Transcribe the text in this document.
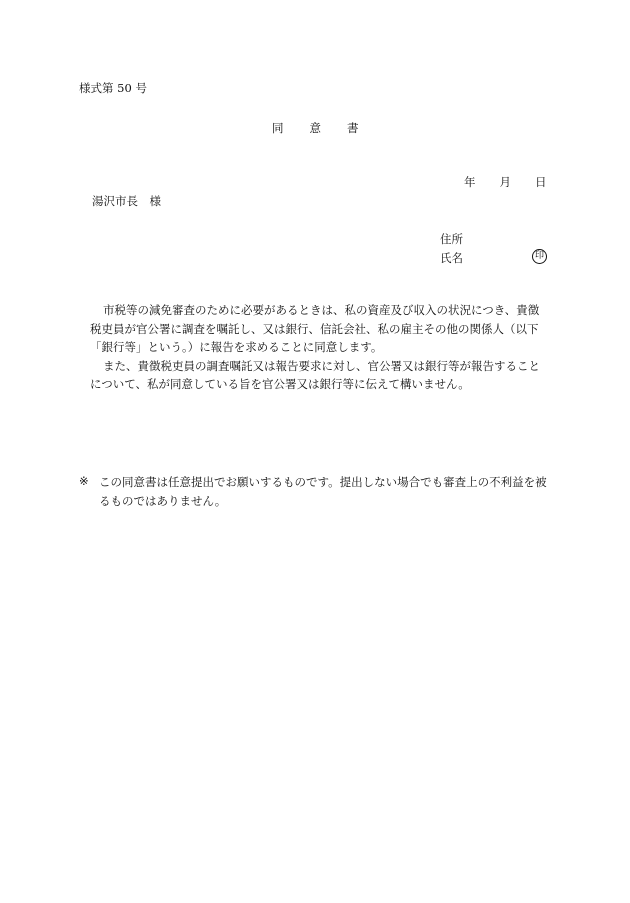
様式第 50 号
同 意 書
年 月 日
湯沢市長　様
住所
氏名	印

市税等の減免審査のために必要があるときは、私の資産及び収入の状況につき、貴徴税吏員が官公署に調査を嘱託し、又は銀行、信託会社、私の雇主その他の関係人（以下「銀行等」という。）に報告を求めることに同意します。

また、貴徴税吏員の調査嘱託又は報告要求に対し、官公署又は銀行等が報告することについて、私が同意している旨を官公署又は銀行等に伝えて構いません。

※ この同意書は任意提出でお願いするものです。提出しない場合でも審査上の不利益を被るものではありません。
